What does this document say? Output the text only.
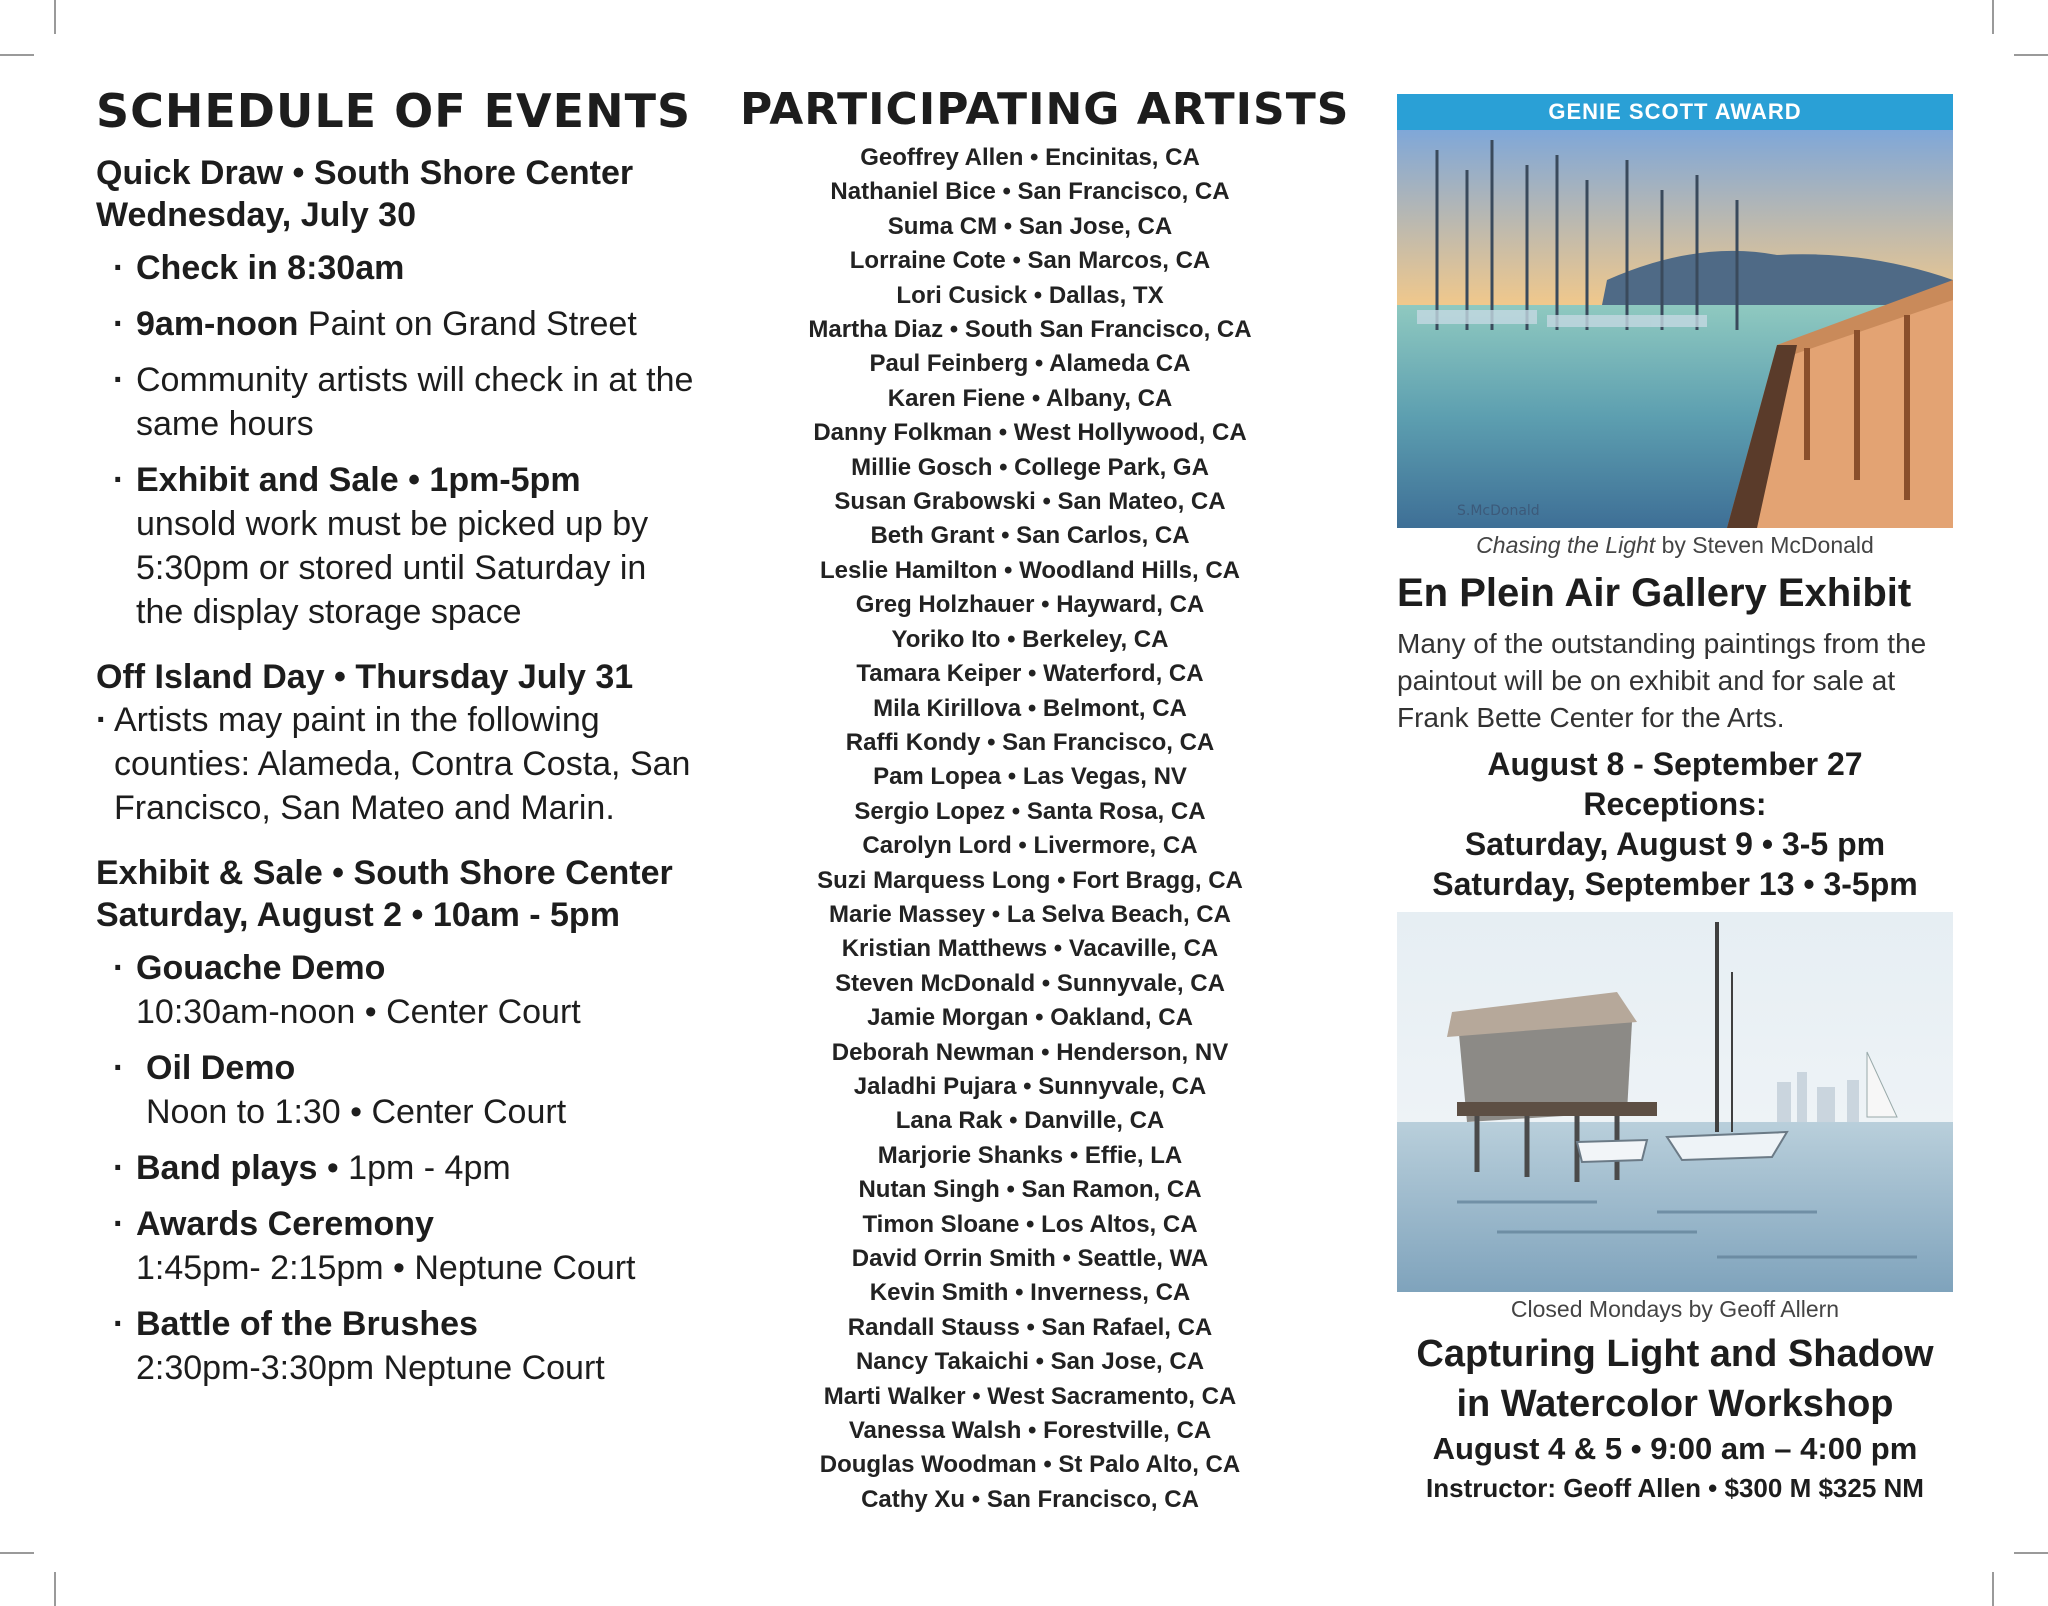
SCHEDULE OF EVENTS
Quick Draw • South Shore Center
Wednesday, July 30
· Check in 8:30am
· 9am-noon Paint on Grand Street
· Community artists will check in at the same hours
· Exhibit and Sale • 1pm-5pm
unsold work must be picked up by 5:30pm or stored until Saturday in the display storage space
Off Island Day • Thursday July 31
· Artists may paint in the following counties: Alameda, Contra Costa, San Francisco, San Mateo and Marin.
Exhibit & Sale • South Shore Center
Saturday, August 2 • 10am - 5pm
· Gouache Demo
10:30am-noon • Center Court
· Oil Demo
Noon to 1:30 • Center Court
· Band plays • 1pm - 4pm
· Awards Ceremony
1:45pm- 2:15pm • Neptune Court
· Battle of the Brushes
2:30pm-3:30pm Neptune Court
PARTICIPATING ARTISTS
Geoffrey Allen • Encinitas, CA
Nathaniel Bice • San Francisco, CA
Suma CM • San Jose, CA
Lorraine Cote • San Marcos, CA
Lori Cusick • Dallas, TX
Martha Diaz • South San Francisco, CA
Paul Feinberg • Alameda CA
Karen Fiene • Albany, CA
Danny Folkman • West Hollywood, CA
Millie Gosch • College Park, GA
Susan Grabowski • San Mateo, CA
Beth Grant • San Carlos, CA
Leslie Hamilton • Woodland Hills, CA
Greg Holzhauer • Hayward, CA
Yoriko Ito • Berkeley, CA
Tamara Keiper • Waterford, CA
Mila Kirillova • Belmont, CA
Raffi Kondy • San Francisco, CA
Pam Lopea • Las Vegas, NV
Sergio Lopez • Santa Rosa, CA
Carolyn Lord • Livermore, CA
Suzi Marquess Long • Fort Bragg, CA
Marie Massey • La Selva Beach, CA
Kristian Matthews • Vacaville, CA
Steven McDonald • Sunnyvale, CA
Jamie Morgan • Oakland, CA
Deborah Newman • Henderson, NV
Jaladhi Pujara • Sunnyvale, CA
Lana Rak • Danville, CA
Marjorie Shanks • Effie, LA
Nutan Singh • San Ramon, CA
Timon Sloane • Los Altos, CA
David Orrin Smith • Seattle, WA
Kevin Smith • Inverness, CA
Randall Stauss • San Rafael, CA
Nancy Takaichi • San Jose, CA
Marti Walker • West Sacramento, CA
Vanessa Walsh • Forestville, CA
Douglas Woodman • St Palo Alto, CA
Cathy Xu • San Francisco, CA
GENIE SCOTT AWARD
S.McDonald
Chasing the Light by Steven McDonald
En Plein Air Gallery Exhibit
Many of the outstanding paintings from the paintout will be on exhibit and for sale at Frank Bette Center for the Arts.
August 8 - September 27
Receptions:
Saturday, August 9 • 3-5 pm
Saturday, September 13 • 3-5pm
Closed Mondays by Geoff Allern
Capturing Light and Shadow
in Watercolor Workshop
August 4 & 5 • 9:00 am – 4:00 pm
Instructor: Geoff Allen • $300 M $325 NM
